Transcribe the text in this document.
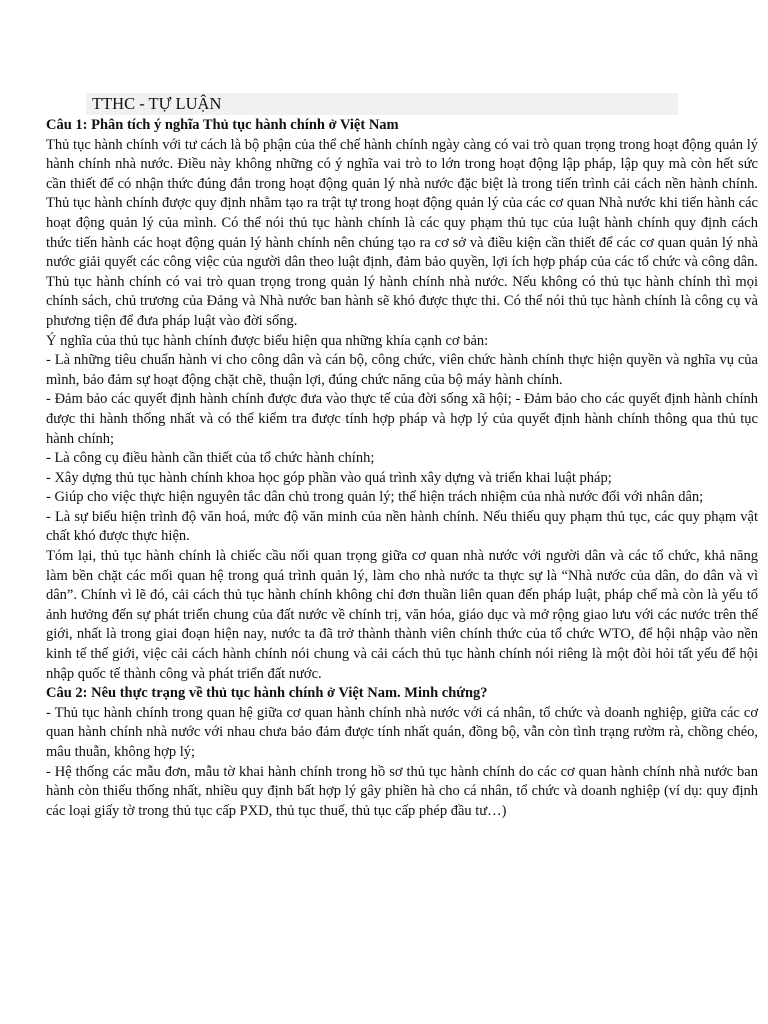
TTHC - TỰ LUẬN

Câu 1: Phân tích ý nghĩa Thủ tục hành chính ở Việt Nam

Thủ tục hành chính với tư cách là bộ phận của thể chế hành chính ngày càng có vai trò quan trọng trong hoạt động quản lý hành chính nhà nước. Điều này không những có ý nghĩa vai trò to lớn trong hoạt động lập pháp, lập quy mà còn hết sức cần thiết để có nhận thức đúng đắn trong hoạt động quản lý nhà nước đặc biệt là trong tiến trình cải cách nền hành chính. Thủ tục hành chính được quy định nhằm tạo ra trật tự trong hoạt động quản lý của các cơ quan Nhà nước khi tiến hành các hoạt động quản lý của mình. Có thể nói thủ tục hành chính là các quy phạm thủ tục của luật hành chính quy định cách thức tiến hành các hoạt động quản lý hành chính nên chúng tạo ra cơ sở và điều kiện cần thiết để các cơ quan quản lý nhà nước giải quyết các công việc của người dân theo luật định, đảm bảo quyền, lợi ích hợp pháp của các tổ chức và công dân. Thủ tục hành chính có vai trò quan trọng trong quản lý hành chính nhà nước. Nếu không có thủ tục hành chính thì mọi chính sách, chủ trương của Đảng và Nhà nước ban hành sẽ khó được thực thi. Có thể nói thủ tục hành chính là công cụ và phương tiện để đưa pháp luật vào đời sống.

Ý nghĩa của thủ tục hành chính được biểu hiện qua những khía cạnh cơ bản:

- Là những tiêu chuẩn hành vi cho công dân và cán bộ, công chức, viên chức hành chính thực hiện quyền và nghĩa vụ của mình, bảo đảm sự hoạt động chặt chẽ, thuận lợi, đúng chức năng của bộ máy hành chính.

- Đảm bảo các quyết định hành chính được đưa vào thực tế của đời sống xã hội; - Đảm bảo cho các quyết định hành chính được thi hành thống nhất và có thể kiểm tra được tính hợp pháp và hợp lý của quyết định hành chính thông qua thủ tục hành chính;

- Là công cụ điều hành cần thiết của tổ chức hành chính;

- Xây dựng thủ tục hành chính khoa học góp phần vào quá trình xây dựng và triển khai luật pháp;

- Giúp cho việc thực hiện nguyên tắc dân chủ trong quản lý; thể hiện trách nhiệm của nhà nước đối với nhân dân;

- Là sự biểu hiện trình độ văn hoá, mức độ văn minh của nền hành chính. Nếu thiếu quy phạm thủ tục, các quy phạm vật chất khó được thực hiện.

Tóm lại, thủ tục hành chính là chiếc cầu nối quan trọng giữa cơ quan nhà nước với người dân và các tổ chức, khả năng làm bền chặt các mối quan hệ trong quá trình quản lý, làm cho nhà nước ta thực sự là “Nhà nước của dân, do dân và vì dân”. Chính vì lẽ đó, cải cách thủ tục hành chính không chỉ đơn thuần liên quan đến pháp luật, pháp chế mà còn là yếu tố ảnh hưởng đến sự phát triển chung của đất nước về chính trị, văn hóa, giáo dục và mở rộng giao lưu với các nước trên thế giới, nhất là trong giai đoạn hiện nay, nước ta đã trở thành thành viên chính thức của tổ chức WTO, để hội nhập vào nền kinh tế thế giới, việc cải cách hành chính nói chung và cải cách thủ tục hành chính nói riêng là một đòi hỏi tất yếu để hội nhập quốc tế thành công và phát triển đất nước.

Câu 2: Nêu thực trạng về thủ tục hành chính ở Việt Nam. Minh chứng?

- Thủ tục hành chính trong quan hệ giữa cơ quan hành chính nhà nước với cá nhân, tổ chức và doanh nghiệp, giữa các cơ quan hành chính nhà nước với nhau chưa bảo đảm được tính nhất quán, đồng bộ, vẫn còn tình trạng rườm rà, chồng chéo, mâu thuẫn, không hợp lý;

- Hệ thống các mẫu đơn, mẫu tờ khai hành chính trong hồ sơ thủ tục hành chính do các cơ quan hành chính nhà nước ban hành còn thiếu thống nhất, nhiều quy định bất hợp lý gây phiền hà cho cá nhân, tổ chức và doanh nghiệp (ví dụ: quy định các loại giấy tờ trong thủ tục cấp PXD, thủ tục thuế, thủ tục cấp phép đầu tư…)
